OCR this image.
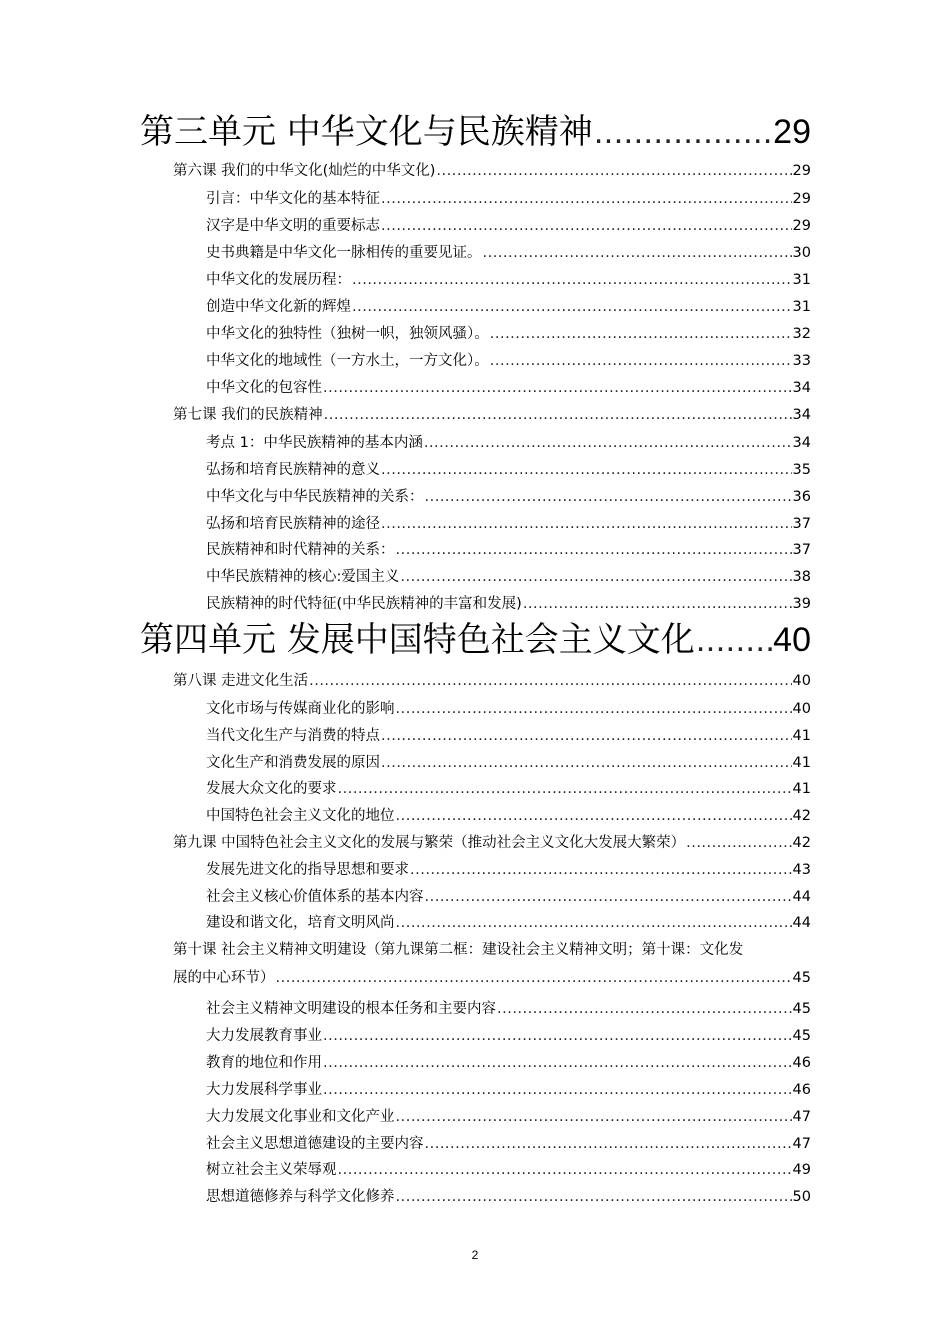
第三单元 中华文化与民族精神 .....	29
第六课 我们的中华文化(灿烂的中华文化) .....	29
引言：中华文化的基本特征 .....	29
汉字是中华文明的重要标志 .....	29
史书典籍是中华文化一脉相传的重要见证。 .....	30
中华文化的发展历程： .....	31
创造中华文化新的辉煌 .....	31
中华文化的独特性（独树一帜，独领风骚）。 .....	32
中华文化的地域性（一方水土，一方文化）。 .....	33
中华文化的包容性 .....	34
第七课 我们的民族精神 .....	34
考点 1：中华民族精神的基本内涵 .....	34
弘扬和培育民族精神的意义 .....	35
中华文化与中华民族精神的关系： .....	36
弘扬和培育民族精神的途径 .....	37
民族精神和时代精神的关系： .....	37
中华民族精神的核心:爱国主义 .....	38
民族精神的时代特征(中华民族精神的丰富和发展) .....	39
第四单元 发展中国特色社会主义文化 ..... 40
第八课 走进文化生活 .....	40
文化市场与传媒商业化的影响 .....	40
当代文化生产与消费的特点 .....	41
文化生产和消费发展的原因 .....	41
发展大众文化的要求 .....	41
中国特色社会主义文化的地位 .....	42
第九课 中国特色社会主义文化的发展与繁荣（推动社会主义文化大发展大繁荣） .....	42
发展先进文化的指导思想和要求 .....	43
社会主义核心价值体系的基本内容 .....	44
建设和谐文化，培育文明风尚 .....	44
第十课 社会主义精神文明建设（第九课第二框：建设社会主义精神文明；第十课：文化发
展的中心环节） .....	45
社会主义精神文明建设的根本任务和主要内容 .....	45
大力发展教育事业 .....	45
教育的地位和作用 .....	46
大力发展科学事业 .....	46
大力发展文化事业和文化产业 .....	47
社会主义思想道德建设的主要内容 .....	47
树立社会主义荣辱观 .....	49
思想道德修养与科学文化修养 .....	50
2
